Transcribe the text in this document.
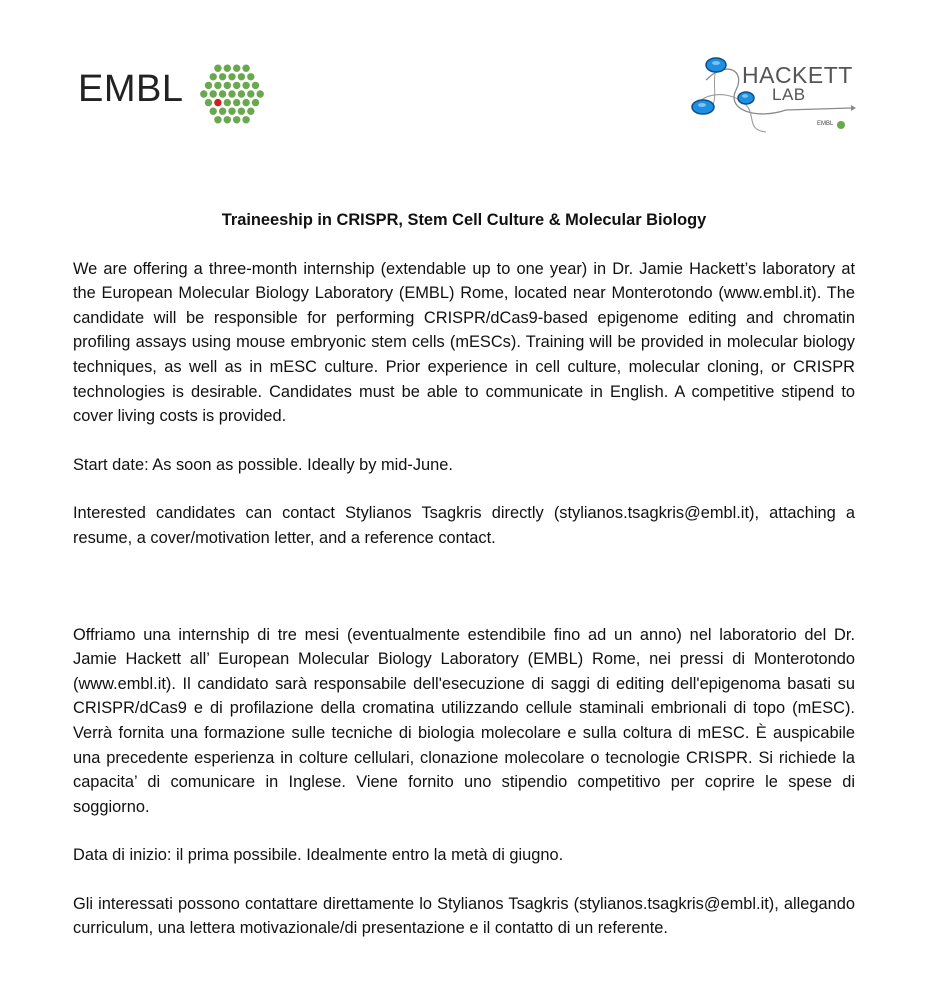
EMBL	HACKETT
LAB
EMBL
Traineeship in CRISPR, Stem Cell Culture & Molecular Biology

We are offering a three-month internship (extendable up to one year) in Dr. Jamie Hackett’s laboratory at the European Molecular Biology Laboratory (EMBL) Rome, located near Monterotondo (www.embl.it). The candidate will be responsible for performing CRISPR/dCas9-based epigenome editing and chromatin profiling assays using mouse embryonic stem cells (mESCs). Training will be provided in molecular biology techniques, as well as in mESC culture. Prior experience in cell culture, molecular cloning, or CRISPR technologies is desirable. Candidates must be able to communicate in English. A competitive stipend to cover living costs is provided.

Start date: As soon as possible. Ideally by mid-June.

Interested candidates can contact Stylianos Tsagkris directly (stylianos.tsagkris@embl.it), attaching a resume, a cover/motivation letter, and a reference contact.

Offriamo una internship di tre mesi (eventualmente estendibile fino ad un anno) nel laboratorio del Dr. Jamie Hackett all’ European Molecular Biology Laboratory (EMBL) Rome, nei pressi di Monterotondo (www.embl.it). Il candidato sarà responsabile dell'esecuzione di saggi di editing dell'epigenoma basati su CRISPR/dCas9 e di profilazione della cromatina utilizzando cellule staminali embrionali di topo (mESC). Verrà fornita una formazione sulle tecniche di biologia molecolare e sulla coltura di mESC. È auspicabile una precedente esperienza in colture cellulari, clonazione molecolare o tecnologie CRISPR. Si richiede la capacita’ di comunicare in Inglese. Viene fornito uno stipendio competitivo per coprire le spese di soggiorno.

Data di inizio: il prima possibile. Idealmente entro la metà di giugno.

Gli interessati possono contattare direttamente lo Stylianos Tsagkris (stylianos.tsagkris@embl.it), allegando curriculum, una lettera motivazionale/di presentazione e il contatto di un referente.
